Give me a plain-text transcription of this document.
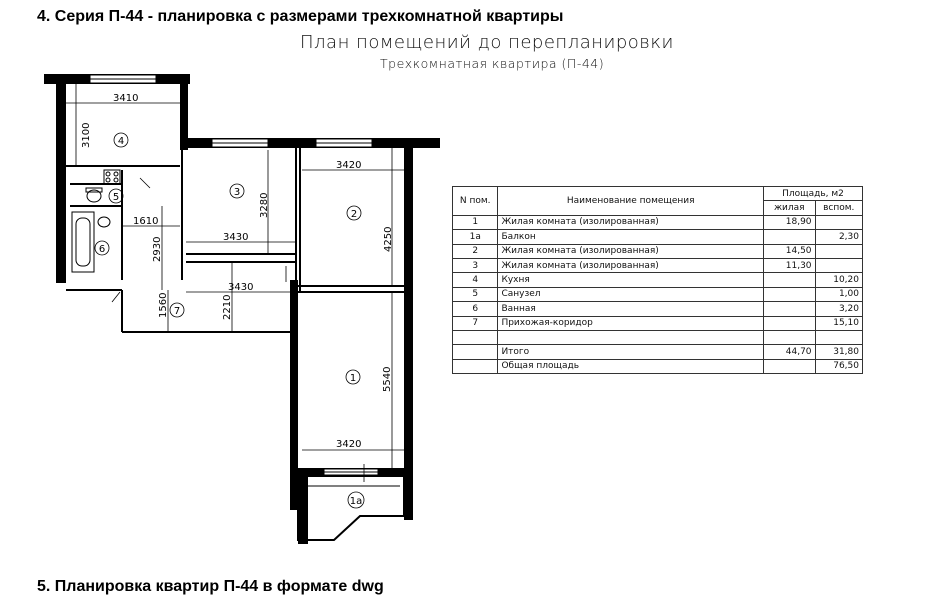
4. Серия П-44 - планировка с размерами трехкомнатной квартиры
План помещений до перепланировки
Трехкомнатная квартира (П-44)
3410
3100
3420
3280
4250
1610
3430
2930
3430
1560	2210
5540
3420
4
5	3
2
6
7
1
1a
N пом.	Наименование помещения	Площадь, м2	
		жилая	вспом.
1	Жилая комната (изолированная)	18,90	
1a	Балкон		2,30
2	Жилая комната (изолированная)	14,50	
3	Жилая комната (изолированная)	11,30	
4	Кухня		10,20
5	Санузел		1,00
6	Ванная		3,20
7	Прихожая-коридор		15,10

	Итого	44,70	31,80
	Общая площадь		76,50
5. Планировка квартир П-44 в формате dwg
